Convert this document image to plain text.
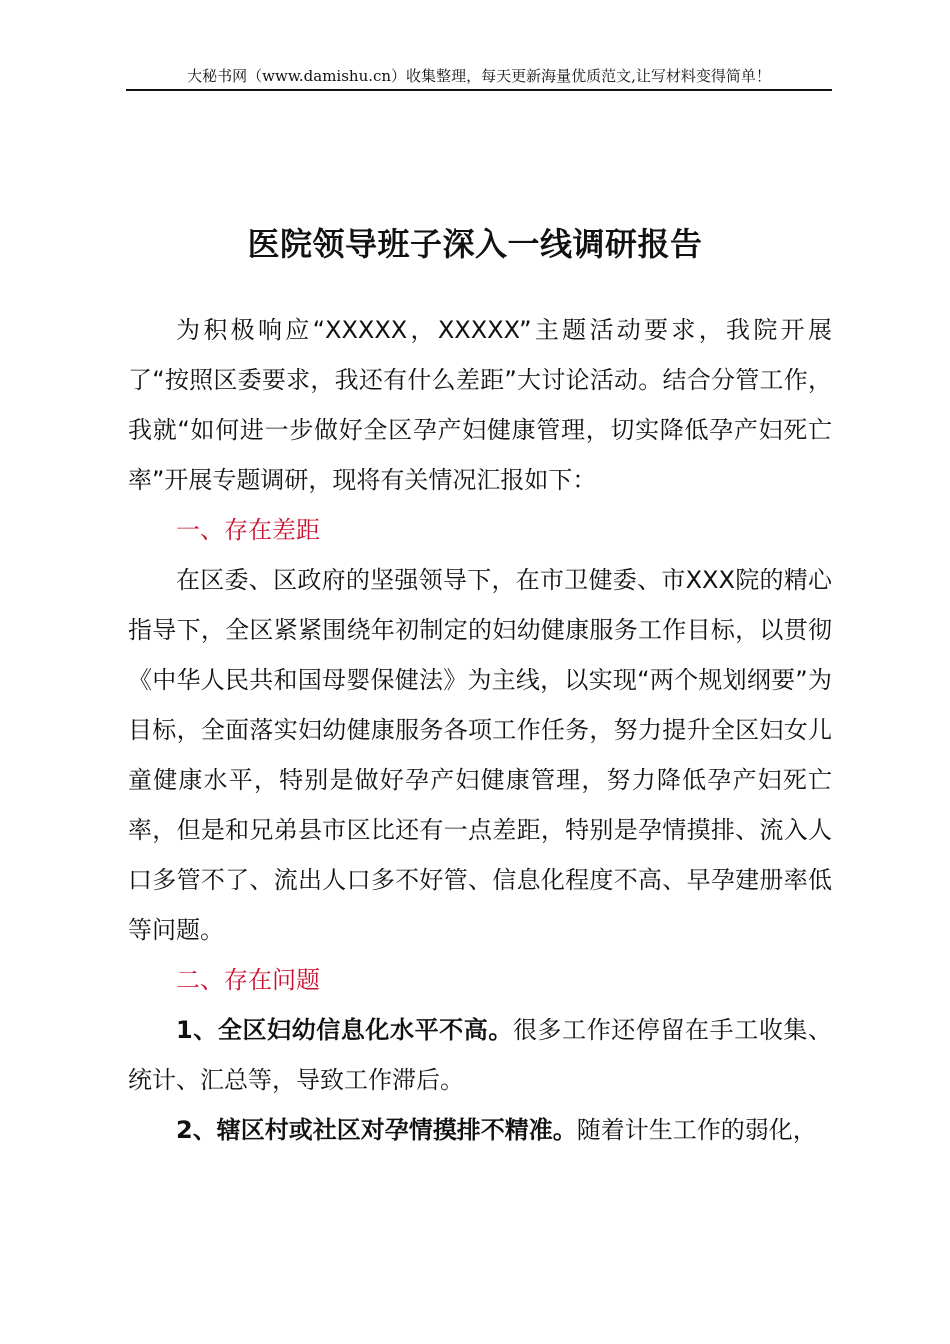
大秘书网（www.damishu.cn）收集整理，每天更新海量优质范文,让写材料变得简单！
医院领导班子深入一线调研报告

为积极响应“XXXXX，XXXXX”主题活动要求，我院开展了“按照区委要求，我还有什么差距”大讨论活动。结合分管工作，我就“如何进一步做好全区孕产妇健康管理，切实降低孕产妇死亡率”开展专题调研，现将有关情况汇报如下：

一、存在差距

在区委、区政府的坚强领导下，在市卫健委、市XXX院的精心指导下，全区紧紧围绕年初制定的妇幼健康服务工作目标，以贯彻《中华人民共和国母婴保健法》为主线，以实现“两个规划纲要”为目标，全面落实妇幼健康服务各项工作任务，努力提升全区妇女儿童健康水平，特别是做好孕产妇健康管理，努力降低孕产妇死亡率，但是和兄弟县市区比还有一点差距，特别是孕情摸排、流入人口多管不了、流出人口多不好管、信息化程度不高、早孕建册率低等问题。

二、存在问题

1、全区妇幼信息化水平不高。很多工作还停留在手工收集、统计、汇总等，导致工作滞后。

2、辖区村或社区对孕情摸排不精准。随着计生工作的弱化，
